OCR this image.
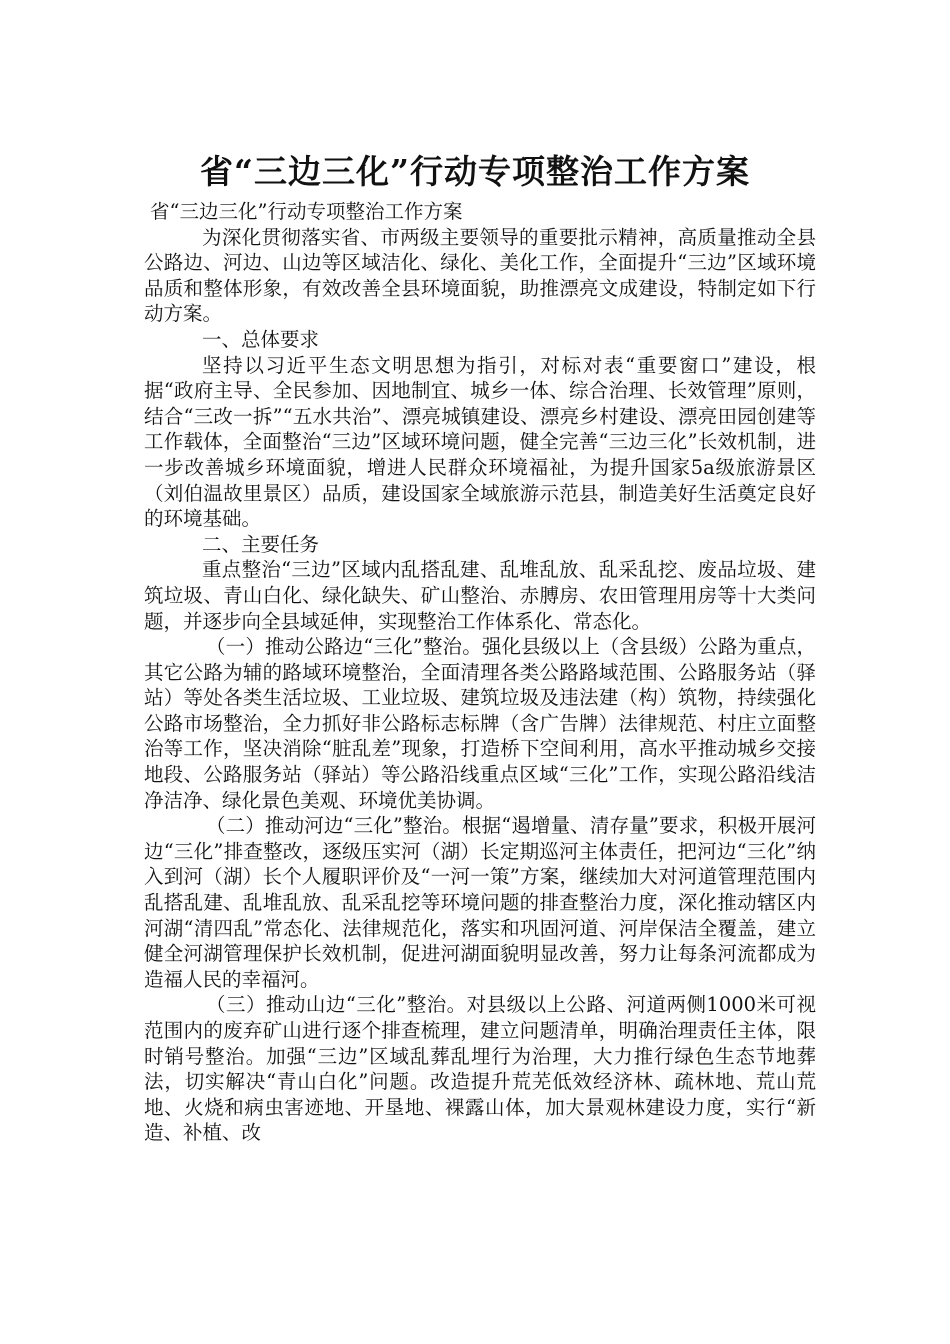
省“三边三化”行动专项整治工作方案

省“三边三化”行动专项整治工作方案

为深化贯彻落实省、市两级主要领导的重要批示精神，高质量推动全县公路边、河边、山边等区域洁化、绿化、美化工作，全面提升“三边”区域环境品质和整体形象，有效改善全县环境面貌，助推漂亮文成建设，特制定如下行动方案。

一、总体要求

坚持以习近平生态文明思想为指引，对标对表“重要窗口”建设，根据“政府主导、全民参加、因地制宜、城乡一体、综合治理、长效管理”原则，结合“三改一拆”“五水共治”、漂亮城镇建设、漂亮乡村建设、漂亮田园创建等工作载体，全面整治“三边”区域环境问题，健全完善“三边三化”长效机制，进一步改善城乡环境面貌，增进人民群众环境福祉，为提升国家5a级旅游景区（刘伯温故里景区）品质，建设国家全域旅游示范县，制造美好生活奠定良好的环境基础。

二、主要任务

重点整治“三边”区域内乱搭乱建、乱堆乱放、乱采乱挖、废品垃圾、建筑垃圾、青山白化、绿化缺失、矿山整治、赤膊房、农田管理用房等十大类问题，并逐步向全县域延伸，实现整治工作体系化、常态化。

（一）推动公路边“三化”整治。强化县级以上（含县级）公路为重点，其它公路为辅的路域环境整治，全面清理各类公路路域范围、公路服务站（驿站）等处各类生活垃圾、工业垃圾、建筑垃圾及违法建（构）筑物，持续强化公路市场整治，全力抓好非公路标志标牌（含广告牌）法律规范、村庄立面整治等工作，坚决消除“脏乱差”现象，打造桥下空间利用，高水平推动城乡交接地段、公路服务站（驿站）等公路沿线重点区域“三化”工作，实现公路沿线洁净洁净、绿化景色美观、环境优美协调。

（二）推动河边“三化”整治。根据“遏增量、清存量”要求，积极开展河边“三化”排查整改，逐级压实河（湖）长定期巡河主体责任，把河边“三化”纳入到河（湖）长个人履职评价及“一河一策”方案，继续加大对河道管理范围内乱搭乱建、乱堆乱放、乱采乱挖等环境问题的排查整治力度，深化推动辖区内河湖“清四乱”常态化、法律规范化，落实和巩固河道、河岸保洁全覆盖，建立健全河湖管理保护长效机制，促进河湖面貌明显改善，努力让每条河流都成为造福人民的幸福河。

（三）推动山边“三化”整治。对县级以上公路、河道两侧1000米可视范围内的废弃矿山进行逐个排查梳理，建立问题清单，明确治理责任主体，限时销号整治。加强“三边”区域乱葬乱埋行为治理，大力推行绿色生态节地葬法，切实解决“青山白化”问题。改造提升荒芜低效经济林、疏林地、荒山荒地、火烧和病虫害迹地、开垦地、裸露山体，加大景观林建设力度，实行“新造、补植、改
